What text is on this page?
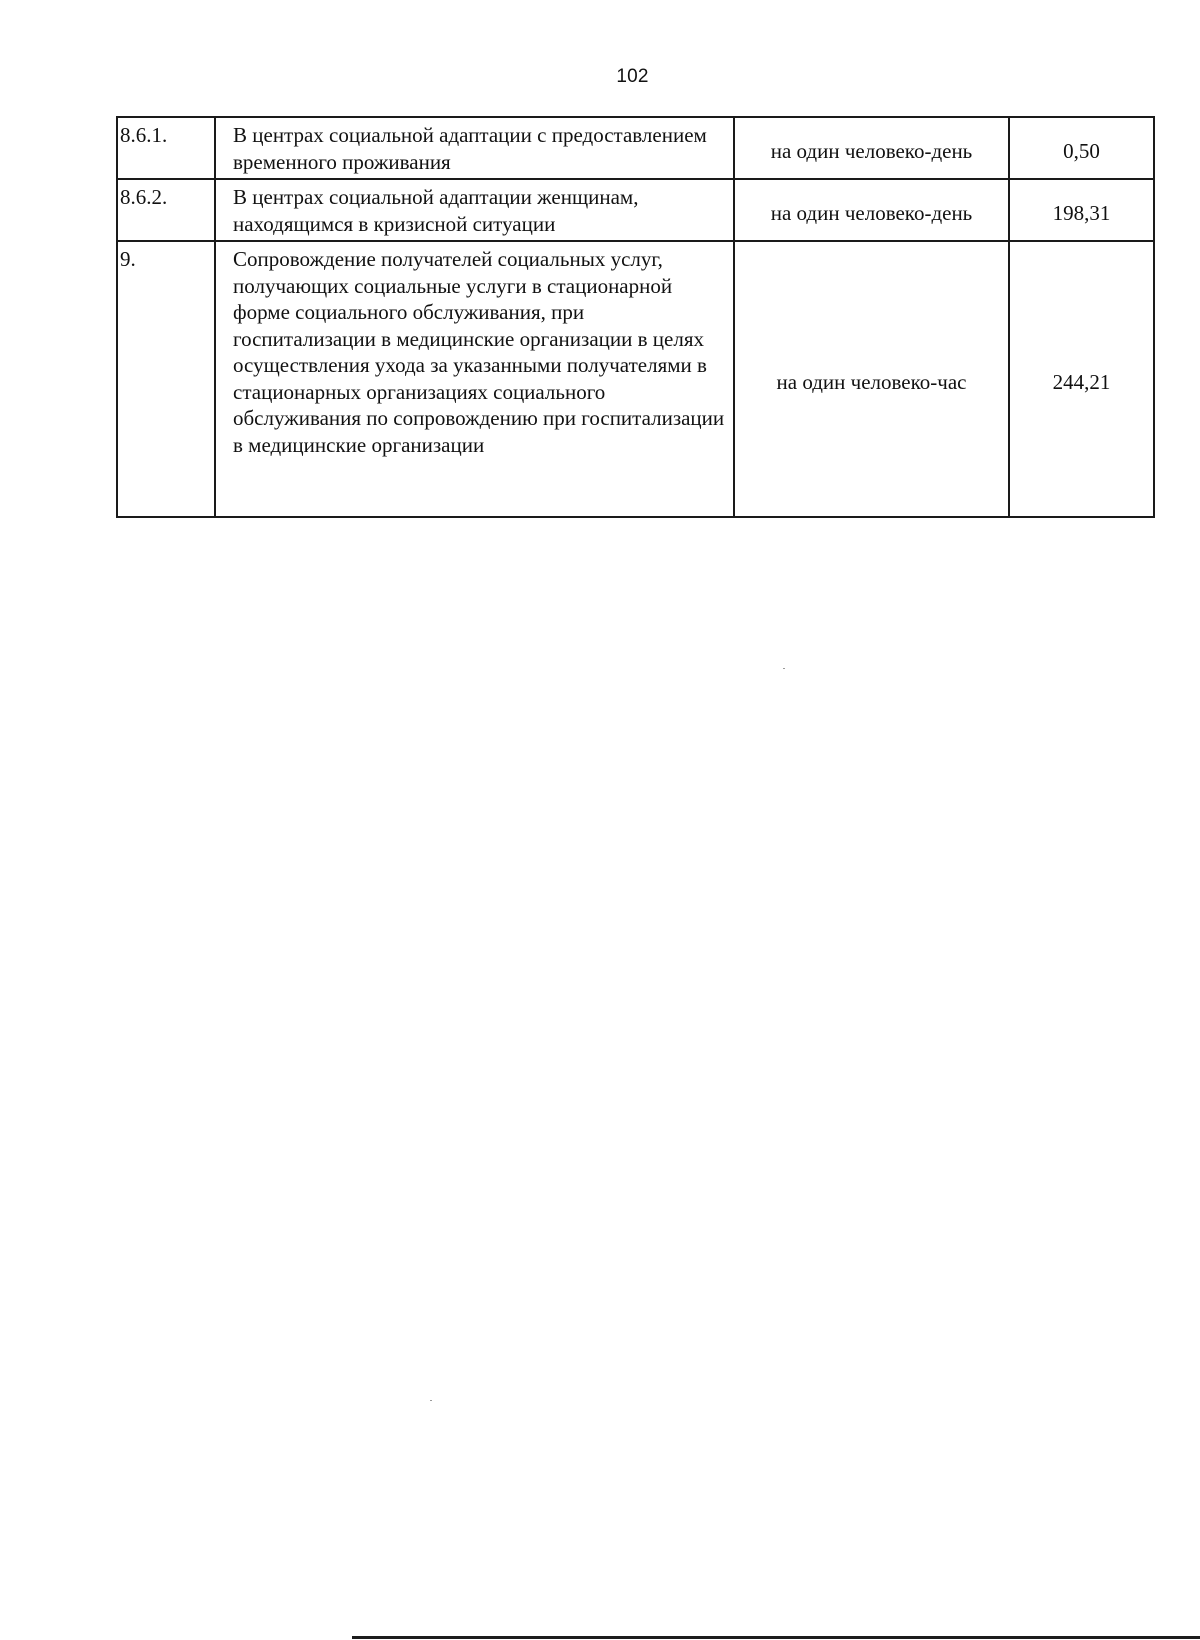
102
8.6.1.	В центрах социальной адаптации с предоставлением временного проживания	на один человеко-день	0,50
8.6.2.	В центрах социальной адаптации женщинам, находящимся в кризисной ситуации	на один человеко-день	198,31
9.	Сопровождение получателей социальных услуг, получающих социальные услуги в стационарной форме социального обслуживания, при госпитализации в медицинские организации в целях осуществления ухода за указанными получателями в стационарных организациях социального обслуживания по сопровождению при госпитализации в медицинские организации	на один человеко-час	244,21
